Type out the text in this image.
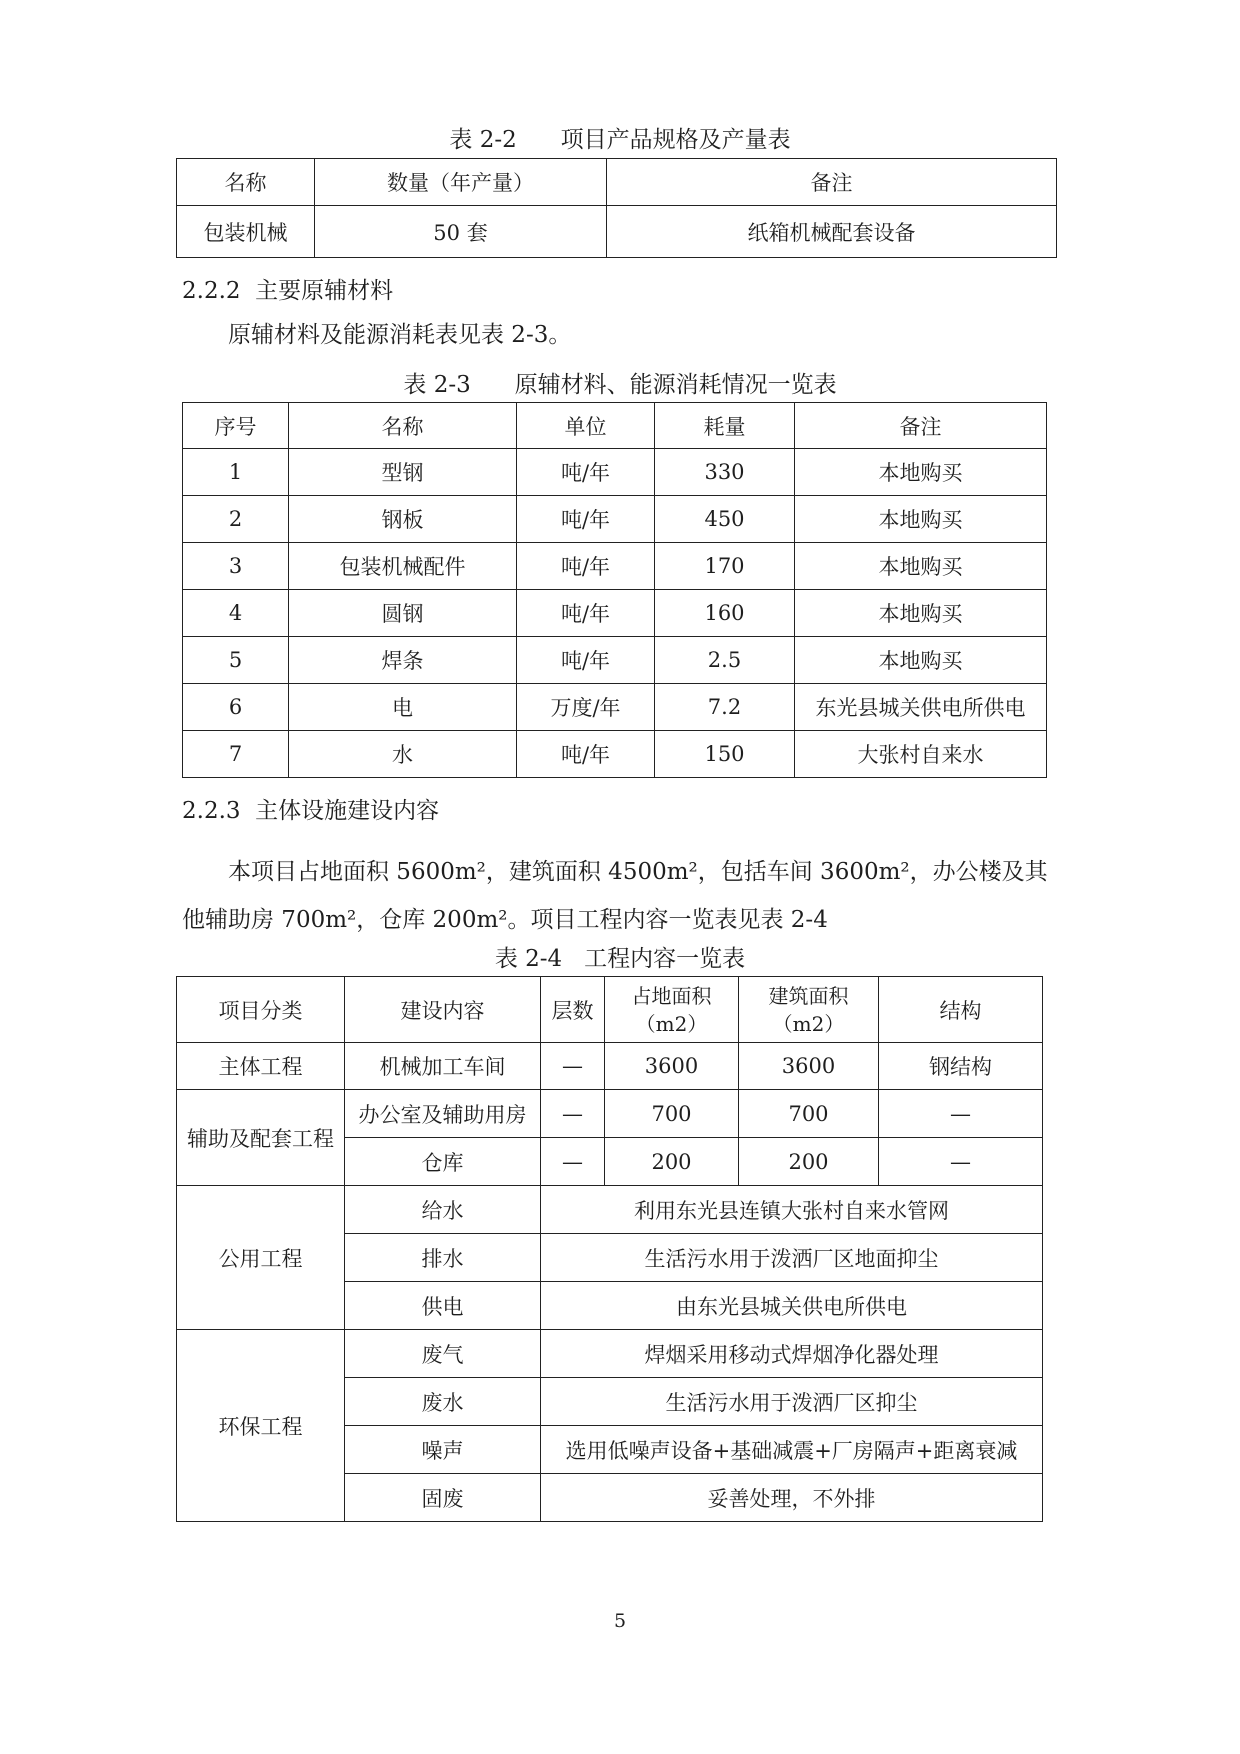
表 2-2      项目产品规格及产量表
名称	数量（年产量）	备注
包装机械	50 套	纸箱机械配套设备
2.2.2  主要原辅材料
原辅材料及能源消耗表见表 2-3。
表 2-3      原辅材料、能源消耗情况一览表
序号	名称	单位	耗量	备注
1	型钢	吨/年	330	本地购买
2	钢板	吨/年	450	本地购买
3	包装机械配件	吨/年	170	本地购买
4	圆钢	吨/年	160	本地购买
5	焊条	吨/年	2.5	本地购买
6	电	万度/年	7.2	东光县城关供电所供电
7	水	吨/年	150	大张村自来水
2.2.3  主体设施建设内容
本项目占地面积 5600m²，建筑面积 4500m²，包括车间 3600m²，办公楼及其他辅助房 700m²，仓库 200m²。项目工程内容一览表见表 2-4
表 2-4   工程内容一览表
项目分类	建设内容	层数	占地面积（m2）	建筑面积（m2）	结构
主体工程	机械加工车间	—	3600	3600	钢结构
辅助及配套工程	办公室及辅助用房	—	700	700	—
	仓库	—	200	200	—
公用工程	给水	利用东光县连镇大张村自来水管网			
	排水	生活污水用于泼洒厂区地面抑尘			
	供电	由东光县城关供电所供电			
环保工程	废气	焊烟采用移动式焊烟净化器处理			
	废水	生活污水用于泼洒厂区抑尘			
	噪声	选用低噪声设备+基础减震+厂房隔声+距离衰减			
	固废	妥善处理，不外排			
5
